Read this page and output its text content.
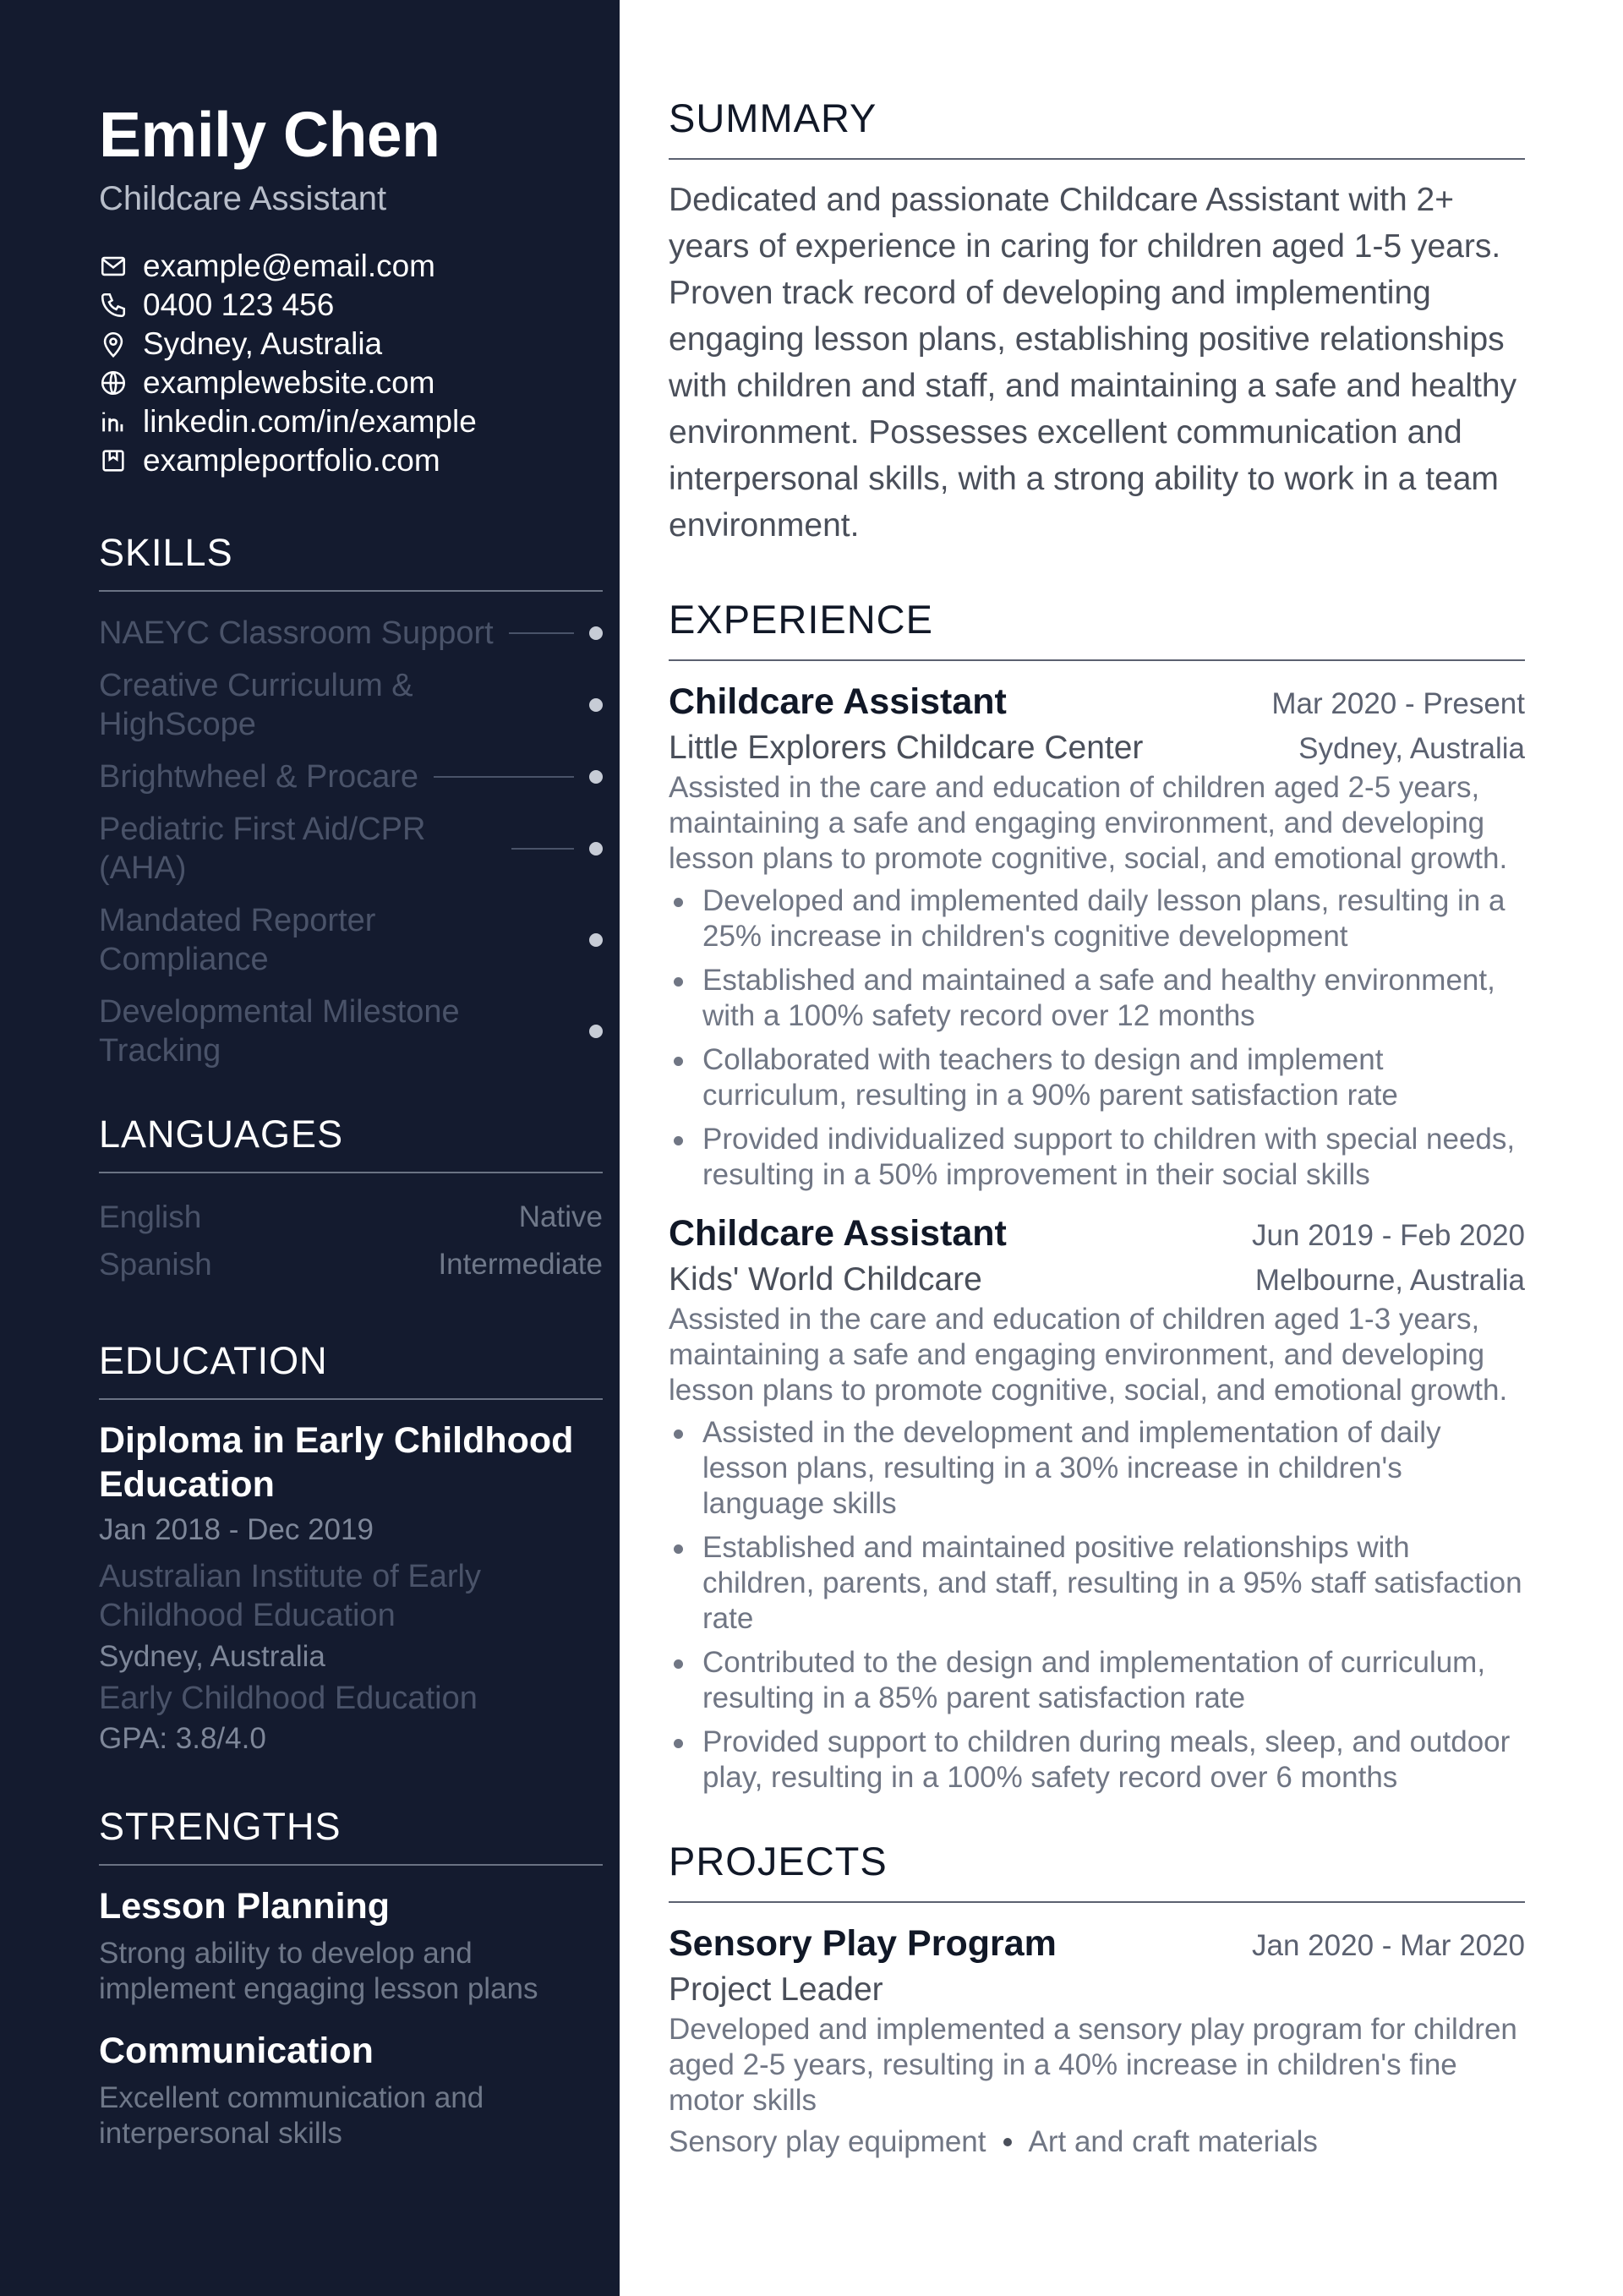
Emily Chen
Childcare Assistant
example@email.com
0400 123 456
Sydney, Australia
examplewebsite.com
linkedin.com/in/example
exampleportfolio.com
SKILLS
NAEYC Classroom Support
Creative Curriculum & HighScope
Brightwheel & Procare
Pediatric First Aid/CPR (AHA)
Mandated Reporter Compliance
Developmental Milestone Tracking
LANGUAGES
English	Native
Spanish	Intermediate
EDUCATION
Diploma in Early Childhood Education
Jan 2018 - Dec 2019
Australian Institute of Early Childhood Education
Sydney, Australia
Early Childhood Education
GPA: 3.8/4.0
STRENGTHS
Lesson Planning
Strong ability to develop and implement engaging lesson plans
Communication
Excellent communication and interpersonal skills
SUMMARY
Dedicated and passionate Childcare Assistant with 2+ years of experience in caring for children aged 1-5 years. Proven track record of developing and implementing engaging lesson plans, establishing positive relationships with children and staff, and maintaining a safe and healthy environment. Possesses excellent communication and interpersonal skills, with a strong ability to work in a team environment.
EXPERIENCE
Childcare Assistant	Mar 2020 - Present
Little Explorers Childcare Center	Sydney, Australia
Assisted in the care and education of children aged 2-5 years, maintaining a safe and engaging environment, and developing lesson plans to promote cognitive, social, and emotional growth.
Developed and implemented daily lesson plans, resulting in a 25% increase in children's cognitive development
Established and maintained a safe and healthy environment, with a 100% safety record over 12 months
Collaborated with teachers to design and implement curriculum, resulting in a 90% parent satisfaction rate
Provided individualized support to children with special needs, resulting in a 50% improvement in their social skills
Childcare Assistant	Jun 2019 - Feb 2020
Kids' World Childcare	Melbourne, Australia
Assisted in the care and education of children aged 1-3 years, maintaining a safe and engaging environment, and developing lesson plans to promote cognitive, social, and emotional growth.
Assisted in the development and implementation of daily lesson plans, resulting in a 30% increase in children's language skills
Established and maintained positive relationships with children, parents, and staff, resulting in a 95% staff satisfaction rate
Contributed to the design and implementation of curriculum, resulting in a 85% parent satisfaction rate
Provided support to children during meals, sleep, and outdoor play, resulting in a 100% safety record over 6 months
PROJECTS
Sensory Play Program	Jan 2020 - Mar 2020
Project Leader
Developed and implemented a sensory play program for children aged 2-5 years, resulting in a 40% increase in children's fine motor skills
Sensory play equipment Art and craft materials
